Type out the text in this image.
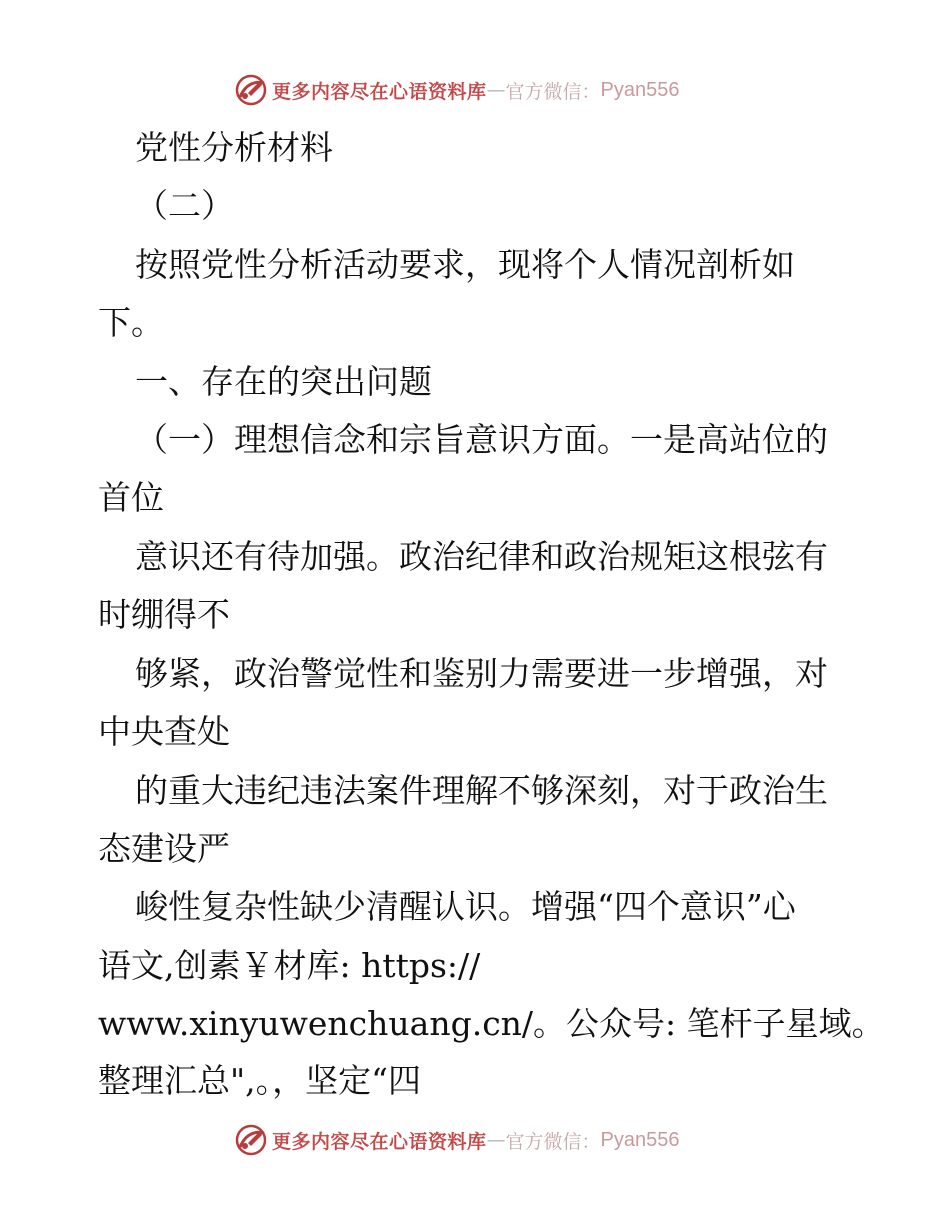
更多内容尽在心语资料库 — 官方微信： Pyan556
党性分析材料
（二）
按照党性分析活动要求，现将个人情况剖析如
下。
一、存在的突出问题
（一）理想信念和宗旨意识方面。一是高站位的
首位
意识还有待加强。政治纪律和政治规矩这根弦有
时绷得不
够紧，政治警觉性和鉴别力需要进一步增强，对
中央查处
的重大违纪违法案件理解不够深刻，对于政治生
态建设严
峻性复杂性缺少清醒认识。增强“四个意识”心
语文,创素￥材库: https://
www.xinyuwenchuang.cn/。公众号: 笔杆子星域。
整理汇总",。，坚定“四
更多内容尽在心语资料库 — 官方微信： Pyan556
